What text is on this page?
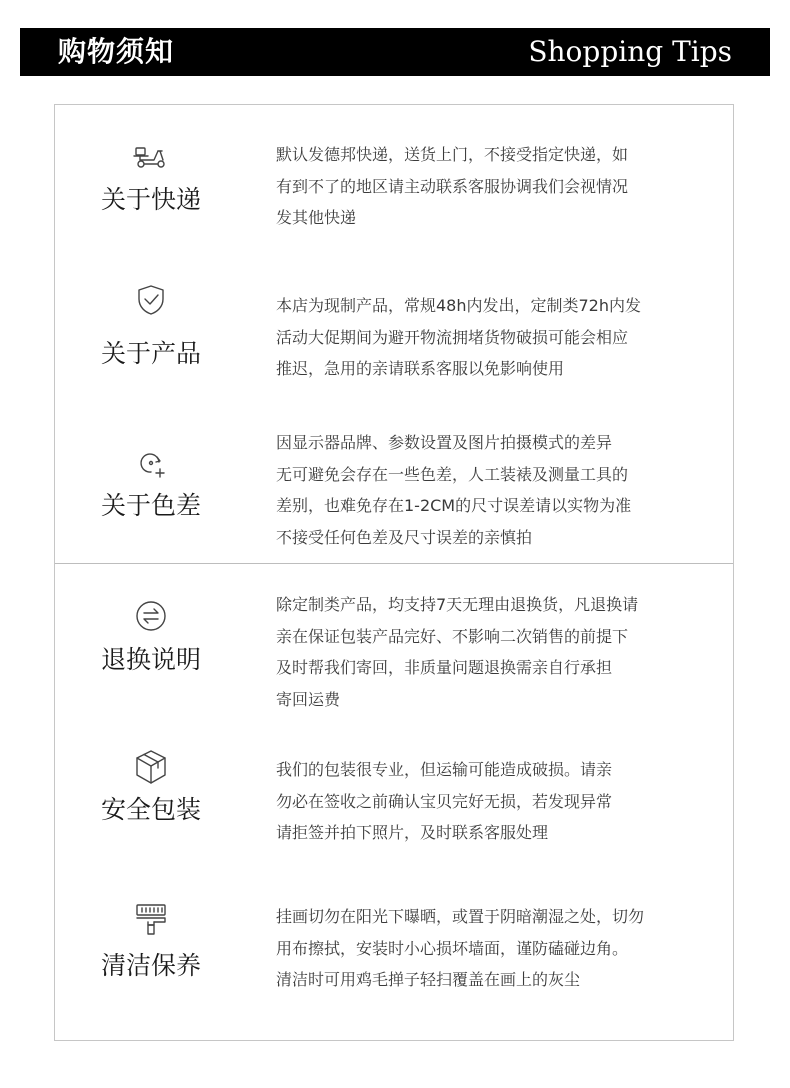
购物须知	Shopping Tips
关于快递
默认发德邦快递，送货上门，不接受指定快递，如
有到不了的地区请主动联系客服协调我们会视情况
发其他快递
关于产品
本店为现制产品，常规48h内发出，定制类72h内发
活动大促期间为避开物流拥堵货物破损可能会相应
推迟，急用的亲请联系客服以免影响使用
关于色差
因显示器品牌、参数设置及图片拍摄模式的差异
无可避免会存在一些色差，人工装裱及测量工具的
差别，也难免存在1-2CM的尺寸误差请以实物为准
不接受任何色差及尺寸误差的亲慎拍
退换说明
除定制类产品，均支持7天无理由退换货，凡退换请
亲在保证包装产品完好、不影响二次销售的前提下
及时帮我们寄回，非质量问题退换需亲自行承担
寄回运费
安全包装
我们的包装很专业，但运输可能造成破损。请亲
勿必在签收之前确认宝贝完好无损，若发现异常
请拒签并拍下照片，及时联系客服处理
清洁保养
挂画切勿在阳光下曝晒，或置于阴暗潮湿之处，切勿
用布擦拭，安装时小心损坏墙面，谨防磕碰边角。
清洁时可用鸡毛掸子轻扫覆盖在画上的灰尘
